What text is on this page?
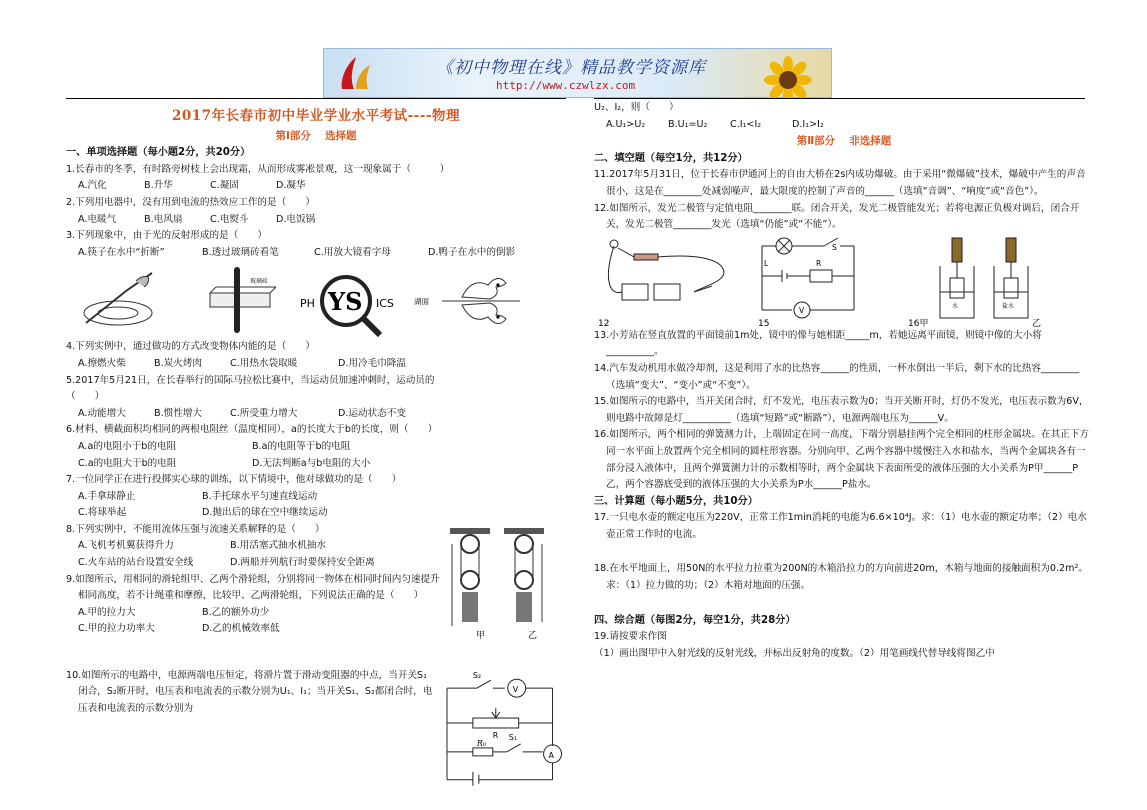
《初中物理在线》精品教学资源库
http://www.czwlzx.com
2017年长春市初中毕业学业水平考试----物理
第Ⅰ部分　 选择题
一、单项选择题（每小题2分，共20分）

1.长春市的冬季，有时路旁树枝上会出现霜，从而形成雾凇景观，这一现象属于（　　　）

A.汽化	B.升华	C.凝固	D.凝华

2.下列用电器中，没有用到电流的热效应工作的是（　　）

A.电暖气	B.电风扇	C.电熨斗	D.电饭锅

3.下列现象中，由于光的反射形成的是（　　）

A.筷子在水中“折断”	B.透过玻璃砖看笔	C.用放大镜看字母	D.鸭子在水中的倒影
玻璃砖
PH YS ICS	湖面

4.下列实例中，通过做功的方式改变物体内能的是（　　）

A.擦燃火柴	B.炭火烤肉	C.用热水袋取暖	D.用冷毛巾降温

5.2017年5月21日，在长春举行的国际马拉松比赛中，当运动员加速冲刺时，运动员的

（　　）

A.动能增大	B.惯性增大	C.所受重力增大	D.运动状态不变

6.材料、横截面积均相同的两根电阻丝（温度相同），a的长度大于b的长度，则（　　）

A.a的电阻小于b的电阻	B.a的电阻等于b的电阻
C.a的电阻大于b的电阻	D.无法判断a与b电阻的大小

7.一位同学正在进行投掷实心球的训练，以下情境中，他对球做功的是（　　）

A.手拿球静止	B.手托球水平匀速直线运动
C.将球举起	D.抛出后的球在空中继续运动

8.下列实例中，不能用流体压强与流速关系解释的是（　　）

A.飞机考机翼获得升力	B.用活塞式抽水机抽水
C.火车站的站台设置安全线	D.两船并列航行时要保持安全距离

9.如图所示，用相同的滑轮组甲、乙两个滑轮组，分别将同一物体在相同时间内匀速提升相同高度，若不计绳重和摩擦，比较甲、乙两滑轮组，下列说法正确的是（　　）

A.甲的拉力大	B.乙的额外功少
C.甲的拉力功率大	D.乙的机械效率低
甲	乙

10.如图所示的电路中，电源两端电压恒定，将滑片置于滑动变阻器的中点，当开关S₁闭合，S₂断开时，电压表和电流表的示数分别为U₁、I₁；当开关S₁、S₂都闭合时，电压表和电流表的示数分别为

S₂
V
R
R₀
S₁
A

U₂、I₂，则（　　）

A.U₁>U₂	B.U₁=U₂	C.I₁<I₂	D.I₁>I₂
第Ⅱ部分　 非选择题
二、填空题（每空1分，共12分）

11.2017年5月31日，位于长春市伊通河上的自由大桥在2s内成功爆破。由于采用“微爆破”技术，爆破中产生的声音很小，这是在________处减弱噪声，最大限度的控制了声音的______（选填“音调”、“响度”或“音色”）。

12.如图所示，发光二极管与定值电阻________联。闭合开关，发光二极管能发光；若将电源正负极对调后，闭合开关，发光二极管________发光（选填“仍能”或“不能”）。

12
L
S
R
V
15
水	盐水
16甲	乙

13.小芳站在竖直放置的平面镜前1m处，镜中的像与她相距_____m，若她远离平面镜，则镜中像的大小将__________。

14.汽车发动机用水做冷却剂，这是利用了水的比热容______的性质，一杯水倒出一半后，剩下水的比热容________（选填“变大”、“变小”或“不变”）。

15.如图所示的电路中，当开关闭合时，灯不发光，电压表示数为0；当开关断开时，灯仍不发光，电压表示数为6V，则电路中故障是灯__________（选填“短路”或“断路”），电源两端电压为______V。

16.如图所示，两个相同的弹簧测力计，上端固定在同一高度，下端分别悬挂两个完全相同的柱形金属块。在其正下方同一水平面上放置两个完全相同的圆柱形容器。分别向甲、乙两个容器中缓慢注入水和盐水，当两个金属块各有一部分浸入液体中，且两个弹簧测力计的示数相等时，两个金属块下表面所受的液体压强的大小关系为P甲______P乙，两个容器底受到的液体压强的大小关系为P水______P盐水。

三、计算题（每小题5分，共10分）

17.一只电水壶的额定电压为220V，正常工作1min消耗的电能为6.6×10⁴J。求：（1）电水壶的额定功率；（2）电水壶正常工作时的电流。

18.在水平地面上，用50N的水平拉力拉重为200N的木箱沿拉力的方向前进20m，木箱与地面的接触面积为0.2m²。求：（1）拉力做的功；（2）木箱对地面的压强。

四、综合题（每图2分，每空1分，共28分）

19.请按要求作图

（1）画出图甲中入射光线的反射光线，并标出反射角的度数。（2）用笔画线代替导线将图乙中
